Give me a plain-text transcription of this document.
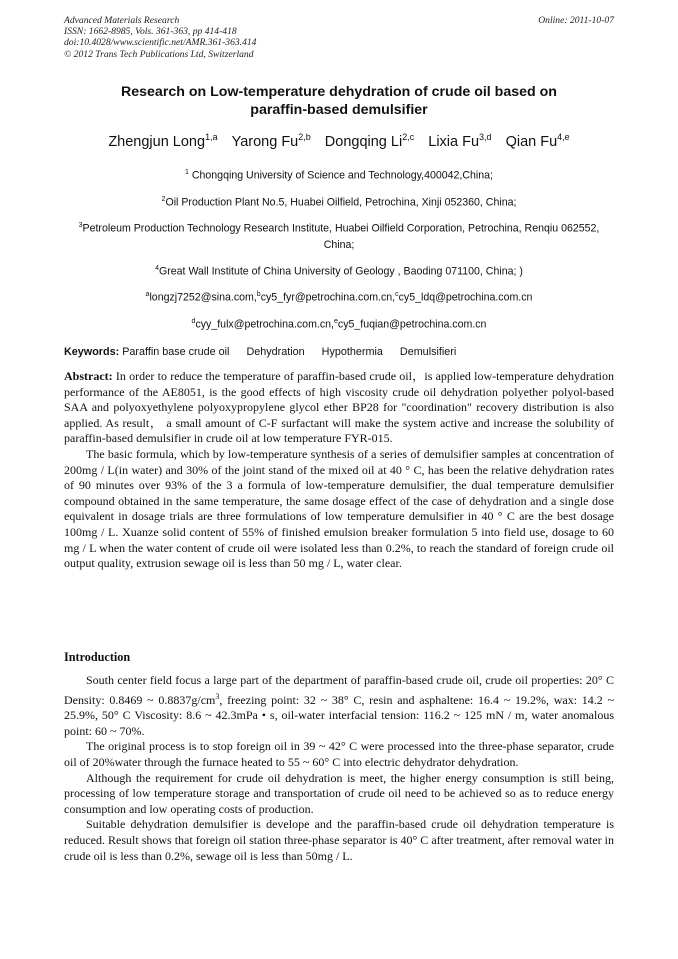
Advanced Materials Research
ISSN: 1662-8985, Vols. 361-363, pp 414-418
doi:10.4028/www.scientific.net/AMR.361-363.414
© 2012 Trans Tech Publications Ltd, Switzerland
Online: 2011-10-07
Research on Low-temperature dehydration of crude oil based on
paraffin-based demulsifier
Zhengjun Long$^{1,a}$ Yarong Fu$^{2,b}$ Dongqing Li$^{2,c}$ Lixia Fu$^{3,d}$ Qian Fu$^{4,e}$

$^1$ Chongqing University of Science and Technology,400042,China;

$^2$Oil Production Plant No.5, Huabei Oilfield, Petrochina, Xinji 052360, China;

$^3$Petroleum Production Technology Research Institute, Huabei Oilfield Corporation, Petrochina, Renqiu 062552, China;

$^4$Great Wall Institute of China University of Geology , Baoding 071100, China; )

$^a$longzj7252@sina.com,$^b$cy5_fyr@petrochina.com.cn,$^c$cy5_ldq@petrochina.com.cn

$^d$cyy_fulx@petrochina.com.cn,$^e$cy5_fuqian@petrochina.com.cn

Keywords: Paraffin base crude oil Dehydration Hypothermia Demulsifieri

Abstract: In order to reduce the temperature of paraffin-based crude oil，is applied low-temperature dehydration performance of the AE8051, is the good effects of high viscosity crude oil dehydration polyether polyol-based SAA and polyoxyethylene polyoxypropylene glycol ether BP28 for "coordination" recovery distribution is also applied. As result， a small amount of C-F surfactant will make the system active and increase the solubility of paraffin-based demulsifier in crude oil at low temperature FYR-015.

The basic formula, which by low-temperature synthesis of a series of demulsifier samples at concentration of 200mg / L(in water) and 30% of the joint stand of the mixed oil at 40 ° C, has been the relative dehydration rates of 90 minutes over 93% of the 3 a formula of low-temperature demulsifier, the dual temperature demulsifier compound obtained in the same temperature, the same dosage effect of the case of dehydration and a single dose equivalent in dosage trials are three formulations of low temperature demulsifier in 40 ° C are the best dosage 100mg / L. Xuanze solid content of 55% of finished emulsion breaker formulation 5 into field use, dosage to 60 mg / L when the water content of crude oil were isolated less than 0.2%, to reach the standard of foreign crude oil output quality, extrusion sewage oil is less than 50 mg / L, water clear.

Introduction

South center field focus a large part of the department of paraffin-based crude oil, crude oil properties: 20° C Density: 0.8469 ~ $0.8837g/cm^3$, freezing point: 32 ~ 38° C, resin and asphaltene: 16.4 ~ 19.2%, wax: 14.2 ~ 25.9%, 50° C Viscosity: 8.6 ~ 42.3mPa • s, oil-water interfacial tension: 116.2 ~ 125 mN / m, water anomalous point: 60 ~ 70%.

The original process is to stop foreign oil in 39 ~ 42° C were processed into the three-phase separator, crude oil of 20%water through the furnace heated to 55 ~ 60° C into electric dehydrator dehydration.

Although the requirement for crude oil dehydration is meet, the higher energy consumption is still being, processing of low temperature storage and transportation of crude oil need to be achieved so as to reduce energy consumption and low operating costs of production.

Suitable dehydration demulsifier is develope and the paraffin-based crude oil dehydration temperature is reduced. Result shows that foreign oil station three-phase separator is 40° C after treatment, after removal water in crude oil is less than 0.2%, sewage oil is less than 50mg / L.
